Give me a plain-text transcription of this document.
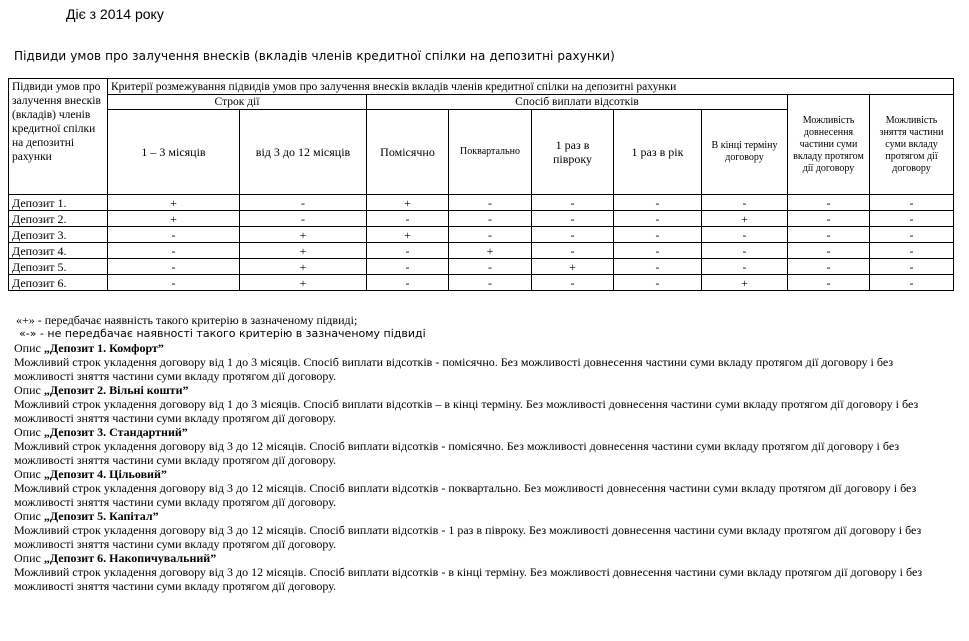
Діє з 2014 року
Підвиди умов про залучення внесків (вкладів членів кредитної спілки на депозитні рахунки)
Підвиди умов про залучення внесків (вкладів) членів кредитної спілки на депозитні рахунки	Критерії розмежування підвидів умов про залучення внесків вкладів членів кредитної спілки на депозитні рахунки								
	Строк дії		Спосіб виплати відсотків					Можливість довнесення частини суми вкладу протягом дії договору	Можливість зняття частини суми вкладу протягом дії договору
	1 – 3 місяців	від 3 до 12 місяців	Помісячно	Поквартально	1 раз в півроку	1 раз в рік	В кінці терміну договору		
Депозит 1.	+	-	+	-	-	-	-	-	-
Депозит 2.	+	-	-	-	-	-	+	-	-
Депозит 3.	-	+	+	-	-	-	-	-	-
Депозит 4.	-	+	-	+	-	-	-	-	-
Депозит 5.	-	+	-	-	+	-	-	-	-
Депозит 6.	-	+	-	-	-	-	+	-	-

«+» - передбачає наявність такого критерію в зазначеному підвиді;

«-» - не передбачає наявності такого критерію в зазначеному підвиді

Опис „Депозит 1. Комфорт”

Можливий строк укладення договору від 1 до 3 місяців. Спосіб виплати відсотків - помісячно. Без можливості довнесення частини суми вкладу протягом дії договору і без можливості зняття частини суми вкладу протягом дії договору.

Опис „Депозит 2. Вільні кошти”

Можливий строк укладення договору від 1 до 3 місяців. Спосіб виплати відсотків – в кінці терміну. Без можливості довнесення частини суми вкладу протягом дії договору і без можливості зняття частини суми вкладу протягом дії договору.

Опис „Депозит 3. Стандартний”

Можливий строк укладення договору від 3 до 12 місяців. Спосіб виплати відсотків - помісячно. Без можливості довнесення частини суми вкладу протягом дії договору і без можливості зняття частини суми вкладу протягом дії договору.

Опис „Депозит 4. Цільовий”

Можливий строк укладення договору від 3 до 12 місяців. Спосіб виплати відсотків - поквартально. Без можливості довнесення частини суми вкладу протягом дії договору і без можливості зняття частини суми вкладу протягом дії договору.

Опис „Депозит 5. Капітал”

Можливий строк укладення договору від 3 до 12 місяців. Спосіб виплати відсотків - 1 раз в півроку. Без можливості довнесення частини суми вкладу протягом дії договору і без можливості зняття частини суми вкладу протягом дії договору.

Опис „Депозит 6. Накопичувальний”

Можливий строк укладення договору від 3 до 12 місяців. Спосіб виплати відсотків - в кінці терміну. Без можливості довнесення частини суми вкладу протягом дії договору і без можливості зняття частини суми вкладу протягом дії договору.
